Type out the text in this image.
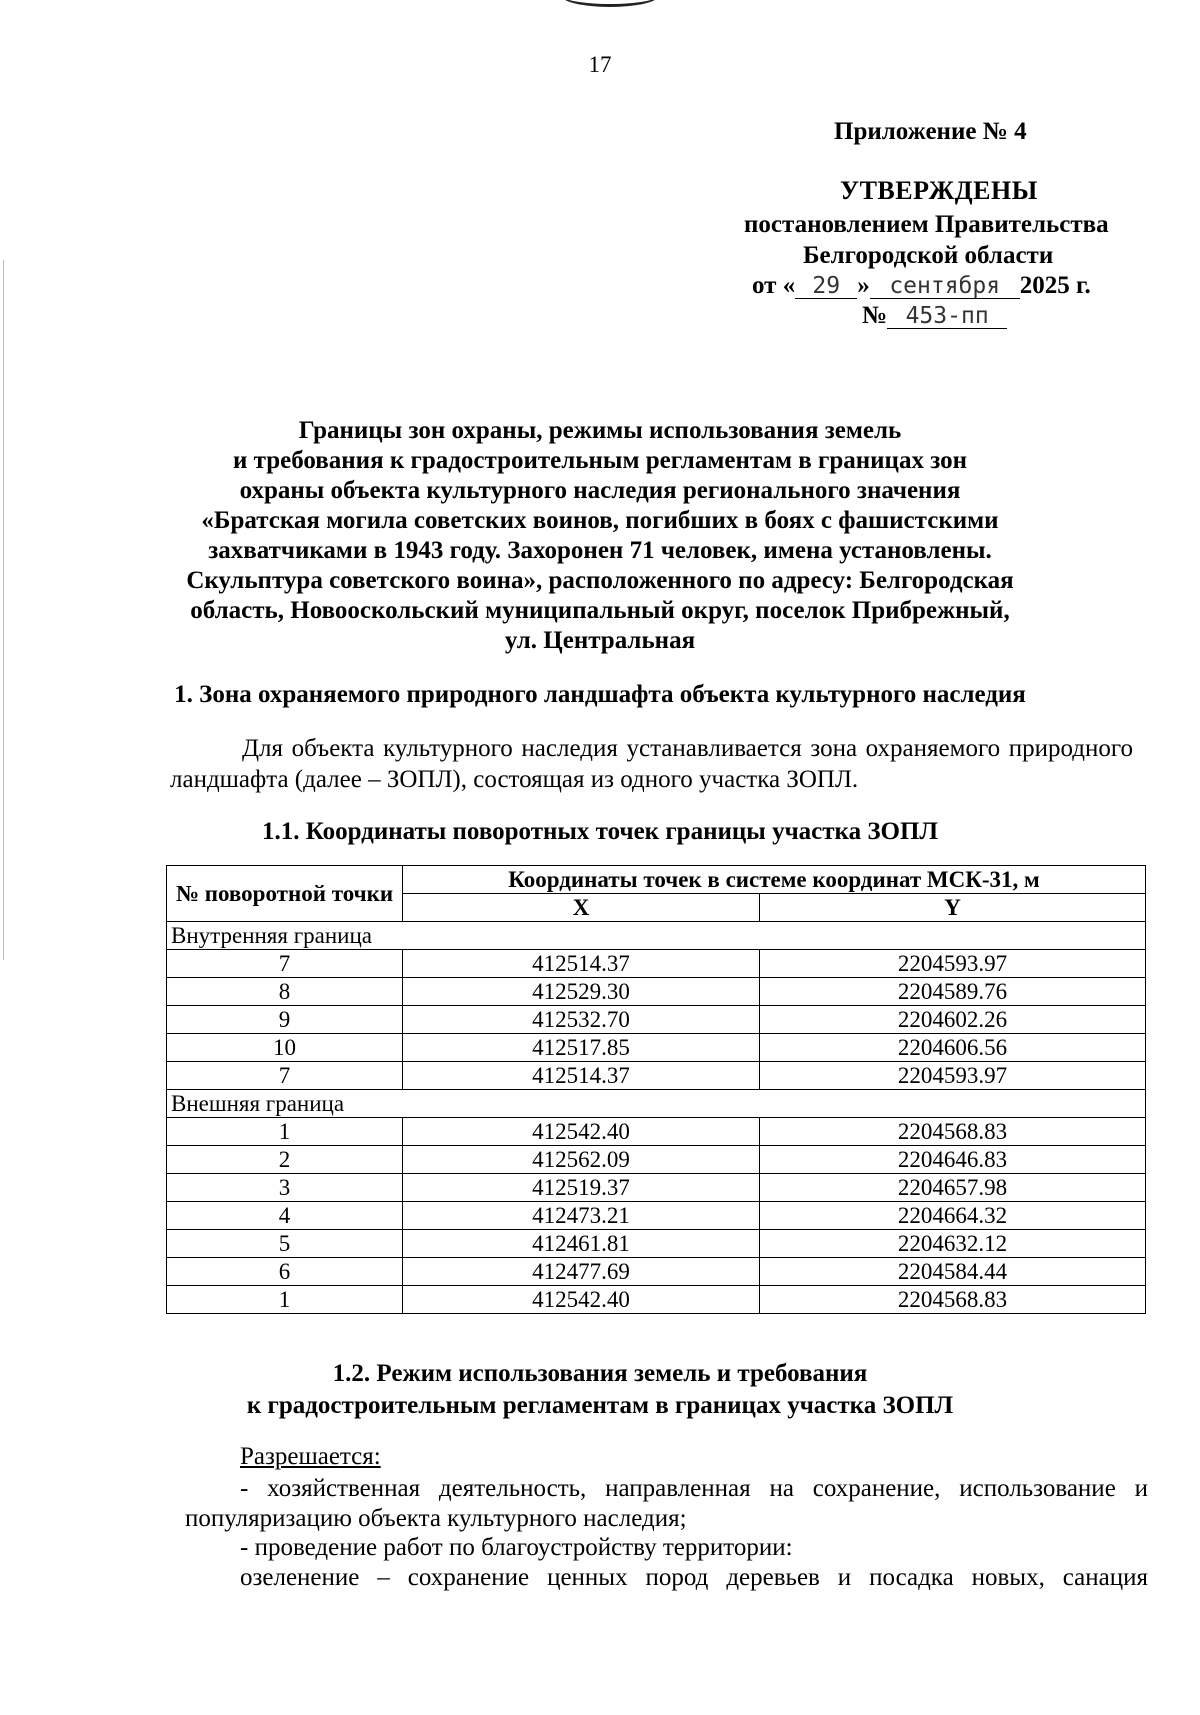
17
Приложение № 4
УТВЕРЖДЕНЫ
постановлением Правительства
Белгородской области
от « 29 » сентября 2025 г.
№ 453-пп
Границы зон охраны, режимы использования земель
и требования к градостроительным регламентам в границах зон
охраны объекта культурного наследия регионального значения
«Братская могила советских воинов, погибших в боях с фашистскими
захватчиками в 1943 году. Захоронен 71 человек, имена установлены.
Скульптура советского воина», расположенного по адресу: Белгородская
область, Новооскольский муниципальный округ, поселок Прибрежный,
ул. Центральная
1. Зона охраняемого природного ландшафта объекта культурного наследия
Для объекта культурного наследия устанавливается зона охраняемого природного ландшафта (далее – ЗОПЛ), состоящая из одного участка ЗОПЛ.
1.1. Координаты поворотных точек границы участка ЗОПЛ
№ поворотной точки	Координаты точек в системе координат МСК-31, м	
	X	Y
Внутренняя граница		
7	412514.37	2204593.97
8	412529.30	2204589.76
9	412532.70	2204602.26
10	412517.85	2204606.56
7	412514.37	2204593.97
Внешняя граница		
1	412542.40	2204568.83
2	412562.09	2204646.83
3	412519.37	2204657.98
4	412473.21	2204664.32
5	412461.81	2204632.12
6	412477.69	2204584.44
1	412542.40	2204568.83
1.2. Режим использования земель и требования
к градостроительным регламентам в границах участка ЗОПЛ
Разрешается:
- хозяйственная деятельность, направленная на сохранение, использование и популяризацию объекта культурного наследия;
- проведение работ по благоустройству территории:
озеленение – сохранение ценных пород деревьев и посадка новых, санация
